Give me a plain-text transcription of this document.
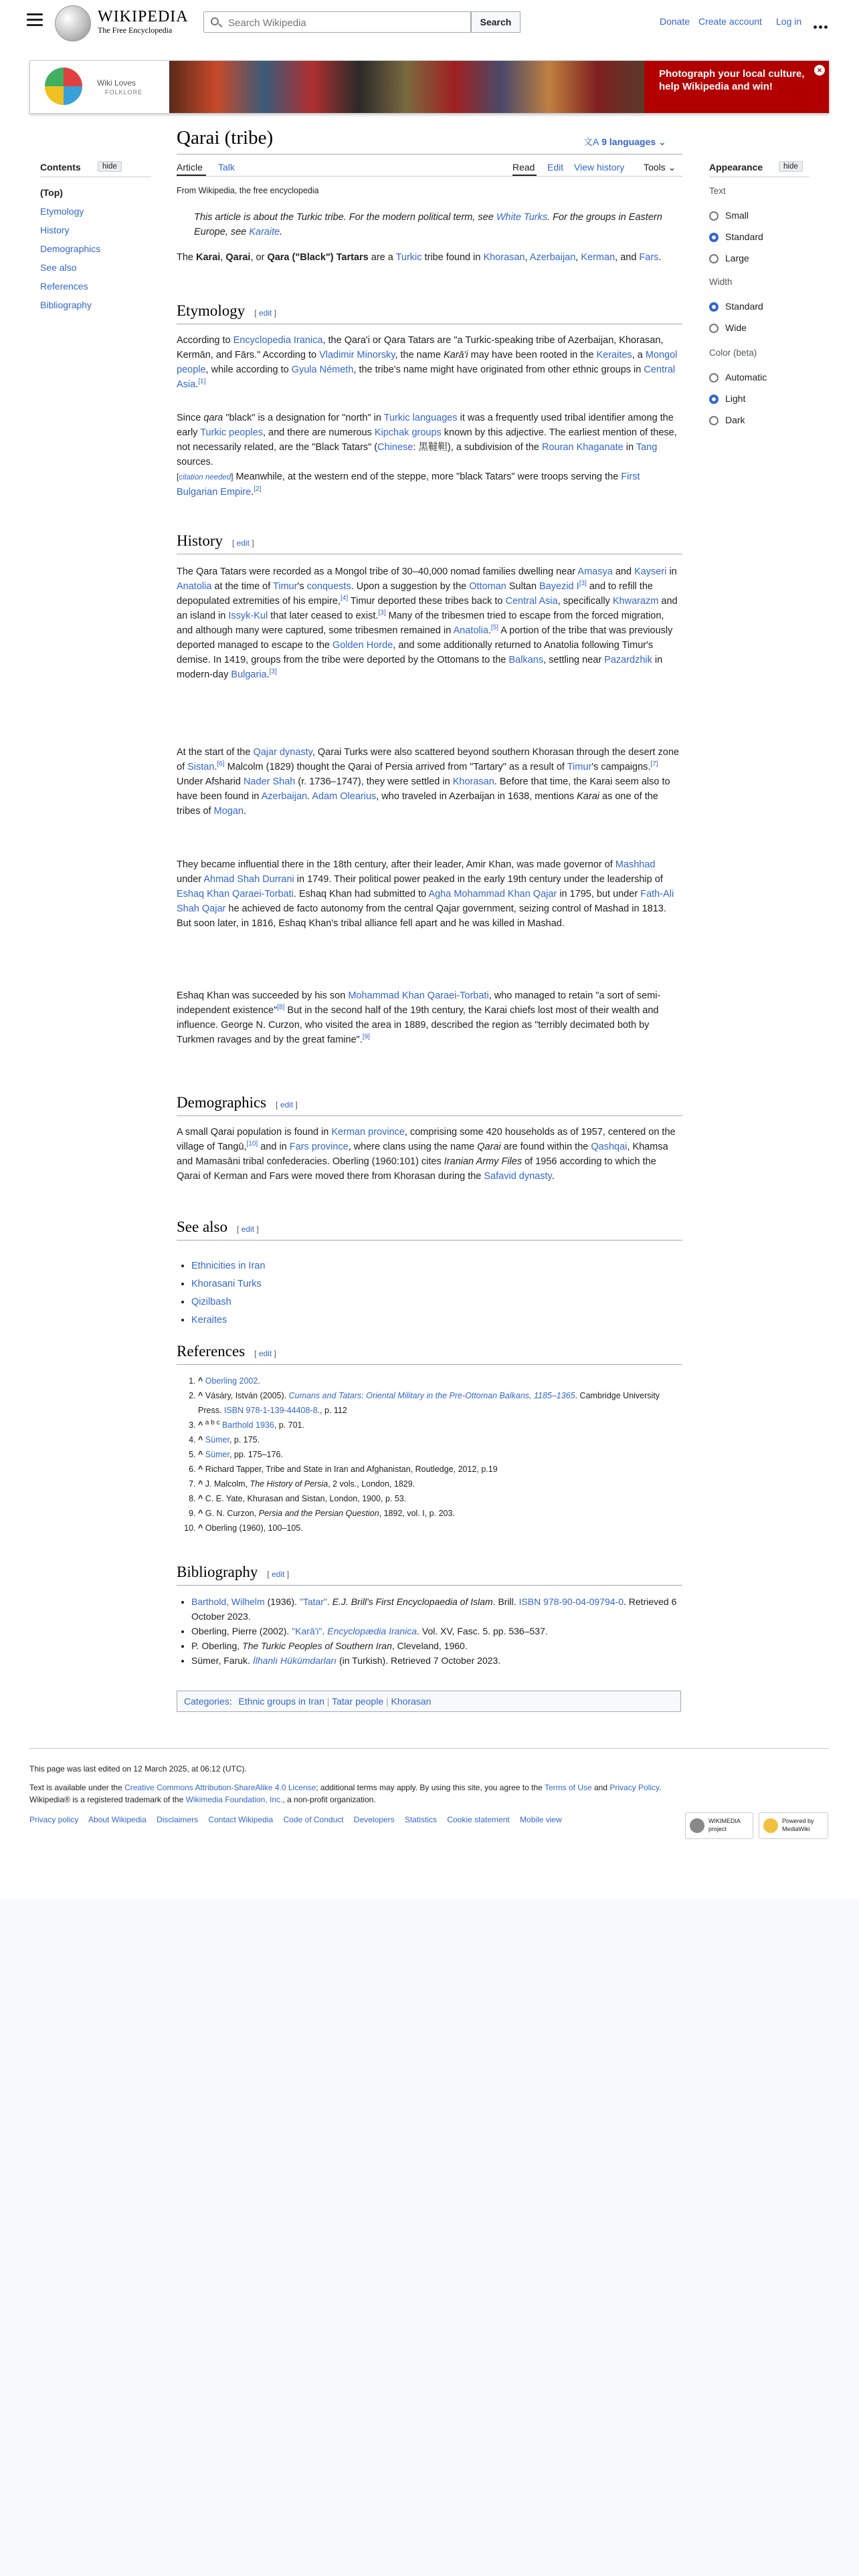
WIKIPEDIA
The Free Encyclopedia
Search Wikipedia
Search	Donate Create account Log in
Wiki Loves
FOLKLORE
Photograph your local culture, help Wikipedia and win!
×
Qarai (tribe)	文A 9 languages ⌄
Article Talk	Read Edit View history Tools ⌄
From Wikipedia, the free encyclopedia
Contents	hide
(Top)
Etymology
History
Demographics
See also
References
Bibliography
Appearance	hide
Text
Small
Standard
Large
Width
Standard
Wide
Color (beta)
Automatic
Light
Dark
This article is about the Turkic tribe. For the modern political term, see White Turks. For the groups in Eastern Europe, see Karaite.
The Karai, Qarai, or Qara ("Black") Tartars are a Turkic tribe found in Khorasan, Azerbaijan, Kerman, and Fars.
Etymology [ edit ]
According to Encyclopedia Iranica, the Qara'i or Qara Tatars are "a Turkic-speaking tribe of Azerbaijan, Khorasan, Kermān, and Fārs." According to Vladimir Minorsky, the name Karā'i may have been rooted in the Keraites, a Mongol people, while according to Gyula Németh, the tribe's name might have originated from other ethnic groups in Central Asia.[1]
Since qara "black" is a designation for "north" in Turkic languages it was a frequently used tribal identifier among the early Turkic peoples, and there are numerous Kipchak groups known by this adjective. The earliest mention of these, not necessarily related, are the "Black Tatars" (Chinese: 黑韃靼), a subdivision of the Rouran Khaganate in Tang sources.
[citation needed] Meanwhile, at the western end of the steppe, more "black Tatars" were troops serving the First Bulgarian Empire.[2]
History [ edit ]
The Qara Tatars were recorded as a Mongol tribe of 30–40,000 nomad families dwelling near Amasya and Kayseri in Anatolia at the time of Timur's conquests. Upon a suggestion by the Ottoman Sultan Bayezid I[3] and to refill the depopulated extremities of his empire,[4] Timur deported these tribes back to Central Asia, specifically Khwarazm and an island in Issyk-Kul that later ceased to exist.[3] Many of the tribesmen tried to escape from the forced migration, and although many were captured, some tribesmen remained in Anatolia.[5] A portion of the tribe that was previously deported managed to escape to the Golden Horde, and some additionally returned to Anatolia following Timur's demise. In 1419, groups from the tribe were deported by the Ottomans to the Balkans, settling near Pazardzhik in modern-day Bulgaria.[3]
At the start of the Qajar dynasty, Qarai Turks were also scattered beyond southern Khorasan through the desert zone of Sistan.[6] Malcolm (1829) thought the Qarai of Persia arrived from "Tartary" as a result of Timur's campaigns.[7] Under Afsharid Nader Shah (r. 1736–1747), they were settled in Khorasan. Before that time, the Karai seem also to have been found in Azerbaijan. Adam Olearius, who traveled in Azerbaijan in 1638, mentions Karai as one of the tribes of Mogan.
They became influential there in the 18th century, after their leader, Amir Khan, was made governor of Mashhad under Ahmad Shah Durrani in 1749. Their political power peaked in the early 19th century under the leadership of Eshaq Khan Qaraei-Torbati. Eshaq Khan had submitted to Agha Mohammad Khan Qajar in 1795, but under Fath-Ali Shah Qajar he achieved de facto autonomy from the central Qajar government, seizing control of Mashad in 1813. But soon later, in 1816, Eshaq Khan's tribal alliance fell apart and he was killed in Mashad.
Eshaq Khan was succeeded by his son Mohammad Khan Qaraei-Torbati, who managed to retain "a sort of semi-independent existence"[8] But in the second half of the 19th century, the Karai chiefs lost most of their wealth and influence. George N. Curzon, who visited the area in 1889, described the region as "terribly decimated both by Turkmen ravages and by the great famine".[9]
Demographics [ edit ]
A small Qarai population is found in Kerman province, comprising some 420 households as of 1957, centered on the village of Tangū,[10] and in Fars province, where clans using the name Qarai are found within the Qashqai, Khamsa and Mamasāni tribal confederacies. Oberling (1960:101) cites Iranian Army Files of 1956 according to which the Qarai of Kerman and Fars were moved there from Khorasan during the Safavid dynasty.
See also [ edit ]
• Ethnicities in Iran
• Khorasani Turks
• Qizilbash
• Keraites
References [ edit ]
1. ^ Oberling 2002.
2. ^ Vásáry, István (2005). Cumans and Tatars: Oriental Military in the Pre-Ottoman Balkans, 1185–1365. Cambridge University Press. ISBN 978-1-139-44408-8., p. 112
3. ^ $^{a b c}$ Barthold 1936, p. 701.
4. ^ Sümer, p. 175.
5. ^ Sümer, pp. 175–176.
6. ^ Richard Tapper, Tribe and State in Iran and Afghanistan, Routledge, 2012, p.19
7. ^ J. Malcolm, The History of Persia, 2 vols., London, 1829.
8. ^ C. E. Yate, Khurasan and Sistan, London, 1900, p. 53.
9. ^ G. N. Curzon, Persia and the Persian Question, 1892, vol. I, p. 203.
10. ^ Oberling (1960), 100–105.
Bibliography [ edit ]
• Barthold, Wilhelm (1936). "Tatar". E.J. Brill's First Encyclopaedia of Islam. Brill. ISBN 978-90-04-09794-0. Retrieved 6 October 2023.
• Oberling, Pierre (2002). "Karā'i". Encyclopædia Iranica. Vol. XV, Fasc. 5. pp. 536–537.
• P. Oberling, The Turkic Peoples of Southern Iran, Cleveland, 1960.
• Sümer, Faruk. İlhanlı Hükümdarları (in Turkish). Retrieved 7 October 2023.
Categories: Ethnic groups in Iran | Tatar people | Khorasan
This page was last edited on 12 March 2025, at 06:12 (UTC).
Text is available under the Creative Commons Attribution-ShareAlike 4.0 License; additional terms may apply. By using this site, you agree to the Terms of Use and Privacy Policy. Wikipedia® is a registered trademark of the Wikimedia Foundation, Inc., a non-profit organization.
Privacy policy About Wikipedia Disclaimers Contact Wikipedia Code of Conduct Developers Statistics Cookie statement Mobile view	WIKIMEDIA project
Powered by MediaWiki
